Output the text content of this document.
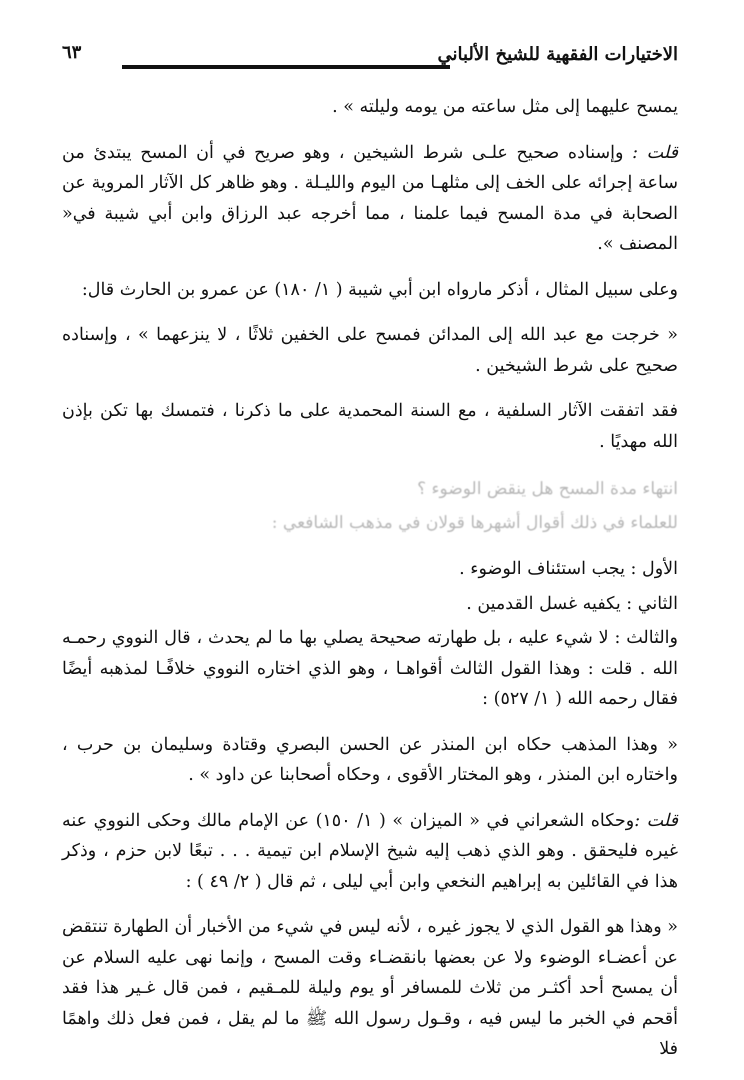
الاختيارات الفقهية للشيخ الألباني
٦٣

يمسح عليهما إلى مثل ساعته من يومه وليلته » .

قلت : وإسناده صحيح علـى شرط الشيخين ، وهو صريح في أن المسح يبتدئ من ساعة إجرائه على الخف إلى مثلهـا من اليوم والليـلة . وهو ظاهر كل الآثار المروية عن الصحابة في مدة المسح فيما علمنا ، مما أخرجه عبد الرزاق وابن أبي شيبة في« المصنف ».

وعلى سبيل المثال ، أذكر مارواه ابن أبي شيبة ( ١/ ١٨٠) عن عمرو بن الحارث قال:

« خرجت مع عبد الله إلى المدائن فمسح على الخفين ثلاثًا ، لا ينزعهما » ، وإسناده صحيح على شرط الشيخين .

فقد اتفقت الآثار السلفية ، مع السنة المحمدية على ما ذكرنا ، فتمسك بها تكن بإذن الله مهديًا .

انتهاء مدة المسح هل ينقض الوضوء ؟
للعلماء في ذلك أقوال أشهرها قولان في مذهب الشافعي :

الأول : يجب استئناف الوضوء .

الثاني : يكفيه غسل القدمين .

والثالث : لا شيء عليه ، بل طهارته صحيحة يصلي بها ما لم يحدث ، قال النووي رحمـه الله . قلت : وهذا القول الثالث أقواهـا ، وهو الذي اختاره النووي خلافًـا لمذهبه أيضًا فقال رحمه الله ( ١/ ٥٢٧) :

« وهذا المذهب حكاه ابن المنذر عن الحسن البصري وقتادة وسليمان بن حرب ، واختاره ابن المنذر ، وهو المختار الأقوى ، وحكاه أصحابنا عن داود » .

قلت :وحكاه الشعراني في « الميزان » ( ١/ ١٥٠) عن الإمام مالك وحكى النووي عنه غيره فليحقق . وهو الذي ذهب إليه شيخ الإسلام ابن تيمية . . . تبعًا لابن حزم ، وذكر هذا في القائلين به إبراهيم النخعي وابن أبي ليلى ، ثم قال ( ٢/ ٤٩ ) :

« وهذا هو القول الذي لا يجوز غيره ، لأنه ليس في شيء من الأخبار أن الطهارة تنتقض عن أعضـاء الوضوء ولا عن بعضها بانقضـاء وقت المسح ، وإنما نهى عليه السلام عن أن يمسح أحد أكثـر من ثلاث للمسافر أو يوم وليلة للمـقيم ، فمن قال غـير هذا فقد أقحم في الخبر ما ليس فيه ، وقـول رسول الله ﷺ ما لم يقل ، فمن فعل ذلك واهمًا فلا
